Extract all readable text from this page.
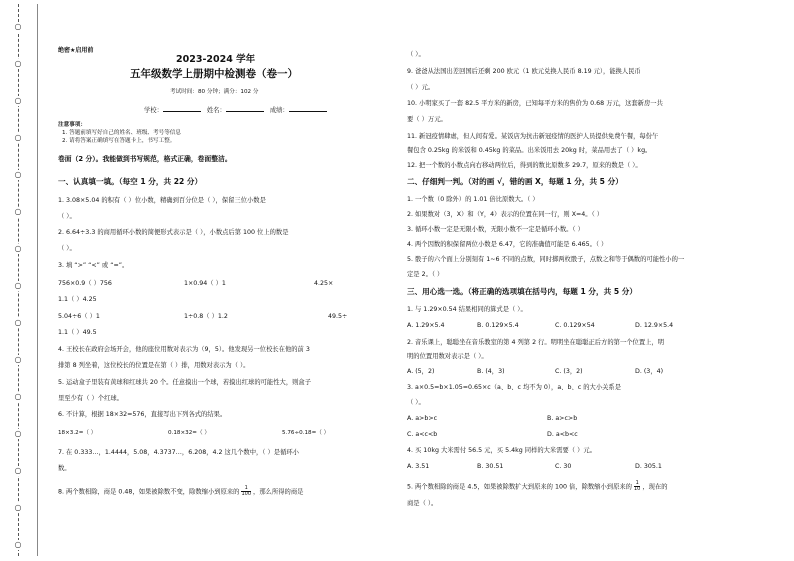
○
○
○
○
○
○
○
○
○
○
○
○
○
○
○
绝密★启用前
2023-2024 学年
五年级数学上册期中检测卷（卷一）
考试时间：80 分钟；满分：102 分
学校：	姓名：	成绩：
注意事项：
1. 答题前填写好自己的姓名、班级、考号等信息
2. 请将答案正确填写在答题卡上，书写工整。
卷面（2 分）。我能做到书写规范，格式正确，卷面整洁。
一、认真填一填。（每空 1 分，共 22 分）
1. 3.08×5.04 的积有（ ）位小数，精确到百分位是（ ），保留三位小数是
（ ）。
2. 6.64÷3.3 的商用循环小数的简便形式表示是（ ），小数点后第 100 位上的数是
（ ）。
3. 填 “>” “<” 或 “=”。
756×0.9（ ）756	1×0.94（ ）1	4.25×
1.1（ ）4.25
5.04÷6（ ）1	1÷0.8（ ）1.2	49.5÷
1.1（ ）49.5
4. 王校长在政府会场开会，他的座位用数对表示为（9，5）。他发现另一位校长在他的前 3
排第 8 列坐着，这位校长的位置是在第（ ）排，用数对表示为（ ）。
5. 运动盒子里装有黄球和红球共 20 个。任意摸出一个球，若摸出红球的可能性大，则盒子
里至少有（ ）个红球。
6. 不计算，根据 18×32=576，直接写出下列各式的结果。
18×3.2=（ ）	0.18×32=（ ）	5.76÷0.18=（ ）
7. 在 0.333…，1.4444，5.0̇8̇，4.3737…，6.2̇0̇8̇，4.2 这几个数中，（ ）是循环小
数。
8. 两个数相除，商是 0.48，如果被除数不变，除数缩小到原来的 $\frac{1}{100}$ ，那么所得的商是
（ ）。
9. 爸爸从法国出差回国后还剩 200 欧元（1 欧元兑换人民币 8.19 元），能换人民币
（ ）元。
10. 小明家买了一套 82.5 平方米的新房，已知每平方米的售价为 0.68 万元，这套新房一共
要（ ）万元。
11. 新冠疫情肆虐，但人间有爱。某饭店为抗击新冠疫情的医护人员提供免费午餐，每份午
餐包含 0.25kg 的米饭和 0.45kg 的菜品。出米饭用去 20kg 时，菜品用去了（ ）kg。
12. 把一个数的小数点向右移动两位后，得到的数比原数多 29.7，原来的数是（ ）。
二、仔细判一判。（对的画 √，错的画 X，每题 1 分，共 5 分）
1. 一个数（0 除外）的 1.01 倍比原数大。（ ）
2. 如果数对（3，X）和（Y，4）表示的位置在同一行，则 X=4。（ ）
3. 循环小数一定是无限小数，无限小数不一定是循环小数。（ ）
4. 两个因数的积保留两位小数是 6.47，它的准确值可能是 6.465。（ ）
5. 骰子的六个面上分别刻有 1~6 不同的点数，同时掷两枚骰子，点数之和等于偶数的可能性小的一
定是 2。（ ）
三、用心选一选。（将正确的选项填在括号内，每题 1 分，共 5 分）
1. 与 1.29×0.54 结果相同的算式是（ ）。
A. 1.29×5.4	B. 0.129×5.4	C. 0.129×54	D. 12.9×5.4
2. 音乐课上，聪聪坐在音乐教室的第 4 列第 2 行。明明坐在聪聪正后方的第一个位置上，明
明的位置用数对表示是（ ）。
A. (5，2)	B. (4，3)	C. (3，2)	D. (3，4)
3. a×0.5=b×1.05=0.65×c（a、b、c 均不为 0），a、b、c 的大小关系是
（ ）。
A. a>b>c	B. a>c>b
C. a<c<b	D. a<b<c
4. 买 10kg 大米需付 56.5 元，买 5.4kg 同样的大米需要（ ）元。
A. 3.51	B. 30.51	C. 30	D. 305.1
5. 两个数相除的商是 4.5，如果被除数扩大到原来的 100 倍，除数缩小到原来的 $\frac{1}{10}$ ，现在的
商是（ ）。
